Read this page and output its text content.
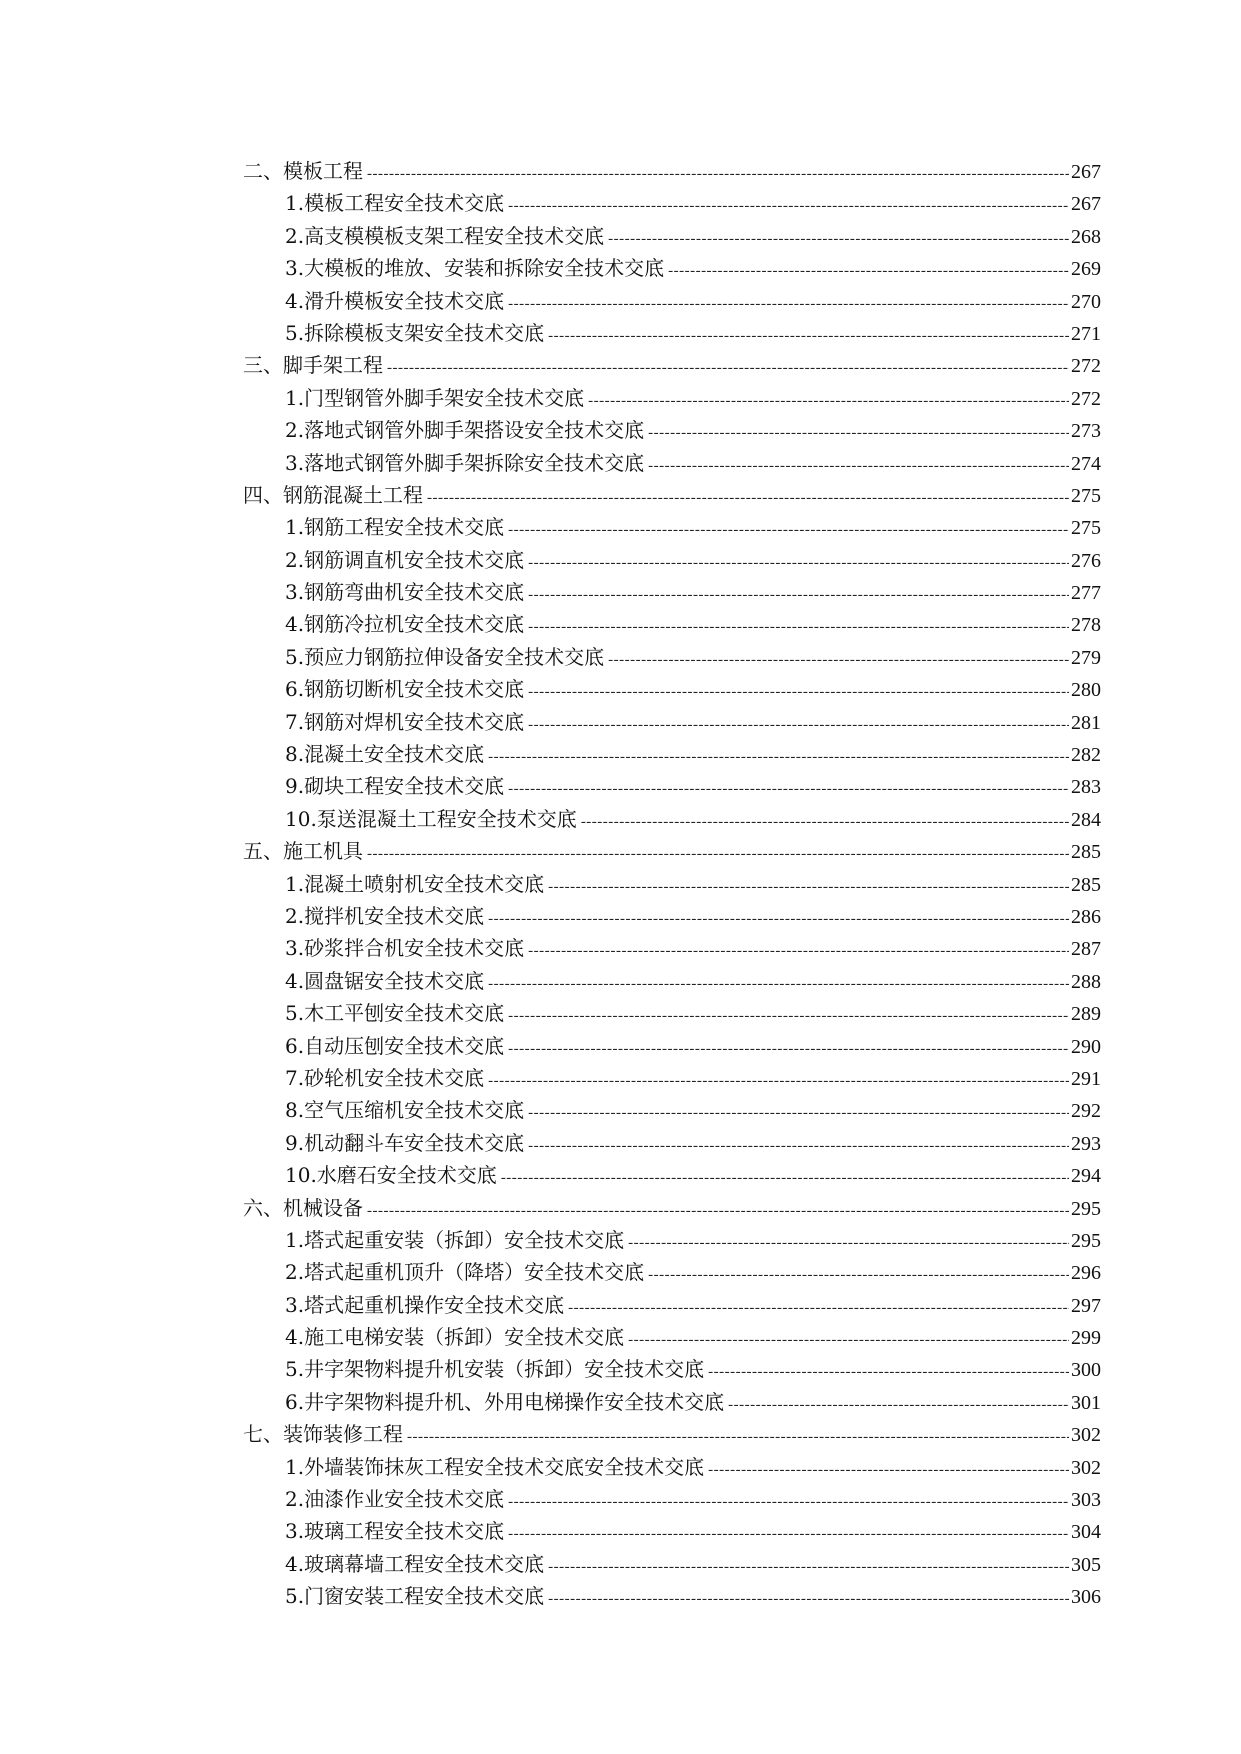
二、模板工程 -----	267
1.模板工程安全技术交底 -----	267
2.高支模模板支架工程安全技术交底 -----	268
3.大模板的堆放、安装和拆除安全技术交底 -----	269
4.滑升模板安全技术交底 -----	270
5.拆除模板支架安全技术交底 -----	271
三、脚手架工程 -----	272
1.门型钢管外脚手架安全技术交底 -----	272
2.落地式钢管外脚手架搭设安全技术交底 -----	273
3.落地式钢管外脚手架拆除安全技术交底 -----	274
四、钢筋混凝土工程 -----	275
1.钢筋工程安全技术交底 -----	275
2.钢筋调直机安全技术交底 -----	276
3.钢筋弯曲机安全技术交底 -----	277
4.钢筋冷拉机安全技术交底 -----	278
5.预应力钢筋拉伸设备安全技术交底 -----	279
6.钢筋切断机安全技术交底 -----	280
7.钢筋对焊机安全技术交底 -----	281
8.混凝土安全技术交底 -----	282
9.砌块工程安全技术交底 -----	283
10.泵送混凝土工程安全技术交底 -----	284
五、施工机具 -----	285
1.混凝土喷射机安全技术交底 -----	285
2.搅拌机安全技术交底 -----	286
3.砂浆拌合机安全技术交底 -----	287
4.圆盘锯安全技术交底 -----	288
5.木工平刨安全技术交底 -----	289
6.自动压刨安全技术交底 -----	290
7.砂轮机安全技术交底 -----	291
8.空气压缩机安全技术交底 -----	292
9.机动翻斗车安全技术交底 -----	293
10.水磨石安全技术交底 -----	294
六、机械设备 -----	295
1.塔式起重安装（拆卸）安全技术交底 -----	295
2.塔式起重机顶升（降塔）安全技术交底 -----	296
3.塔式起重机操作安全技术交底 -----	297
4.施工电梯安装（拆卸）安全技术交底 -----	299
5.井字架物料提升机安装（拆卸）安全技术交底 -----	300
6.井字架物料提升机、外用电梯操作安全技术交底 -----	301
七、装饰装修工程 -----	302
1.外墙装饰抹灰工程安全技术交底安全技术交底 -----	302
2.油漆作业安全技术交底 -----	303
3.玻璃工程安全技术交底 -----	304
4.玻璃幕墙工程安全技术交底 -----	305
5.门窗安装工程安全技术交底 -----	306
